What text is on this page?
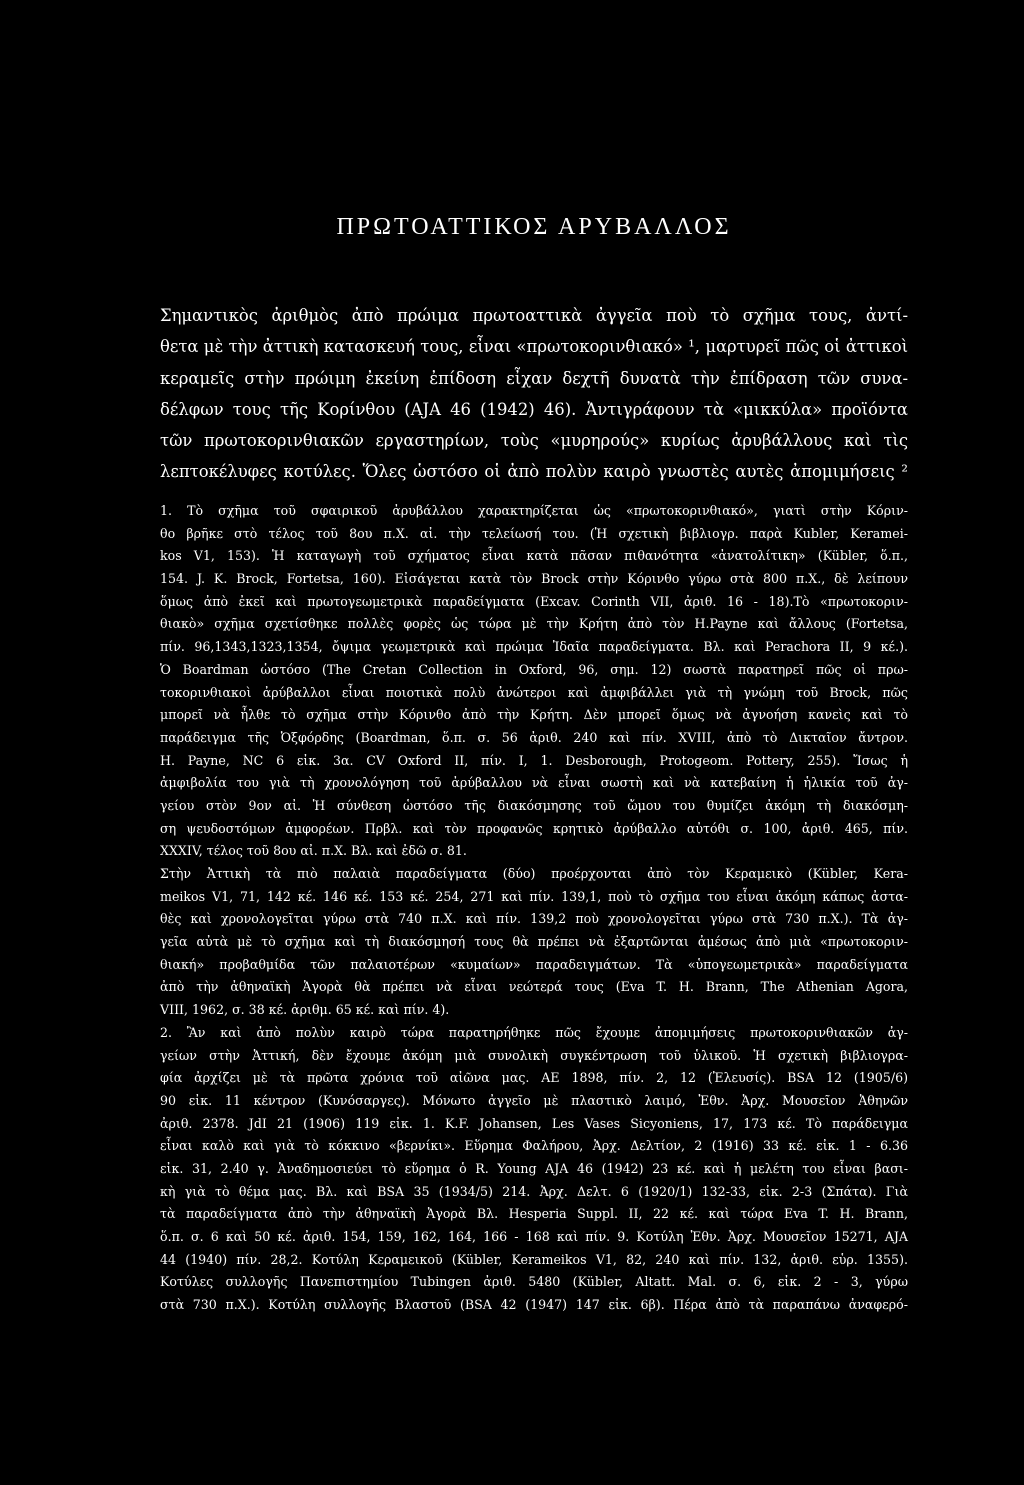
ΠΡΩΤΟΑΤΤΙΚΟΣ ΑΡΥΒΑΛΛΟΣ
Σημαντικὸς ἀριθμὸς ἀπὸ πρώιμα πρωτοαττικὰ ἀγγεῖα ποὺ τὸ σχῆμα τους, ἀντί-
θετα μὲ τὴν ἀττικὴ κατασκευή τους, εἶναι «πρωτοκορινθιακό» ¹, μαρτυρεῖ πῶς οἱ ἀττικοὶ
κεραμεῖς στὴν πρώιμη ἐκείνη ἐπίδοση εἶχαν δεχτῆ δυνατὰ τὴν ἐπίδραση τῶν συνα-
δέλφων τους τῆς Κορίνθου (AJA 46 (1942) 46). Ἀντιγράφουν τὰ «μικκύλα» προϊόντα
τῶν πρωτοκορινθιακῶν εργαστηρίων, τοὺς «μυρηρούς» κυρίως ἀρυβάλλους καὶ τὶς
λεπτοκέλυφες κοτύλες. Ὅλες ὡστόσο οἱ ἀπὸ πολὺν καιρὸ γνωστὲς αυτὲς ἀπομιμήσεις ²
1. Τὸ σχῆμα τοῦ σφαιρικοῦ ἀρυβάλλου χαρακτηρίζεται ὡς «πρωτοκορινθιακό», γιατὶ στὴν Κόριν-
θο βρῆκε στὸ τέλος τοῦ 8ου π.Χ. αἰ. τὴν τελείωσή του. (Ἡ σχετικὴ βιβλιογρ. παρὰ Kubler, Kerameі-
kos V1, 153). Ἡ καταγωγὴ τοῦ σχήματος εἶναι κατὰ πᾶσαν πιθανότητα «ἀνατολίτικη» (Kübler, ὅ.π.,
154. J. K. Brock, Fortetsa, 160). Εἰσάγεται κατὰ τὸν Brock στὴν Κόρινθο γύρω στὰ 800 π.Χ., δὲ λείπουν
ὅμως ἀπὸ ἐκεῖ καὶ πρωτογεωμετρικὰ παραδείγματα (Excav. Corinth VII, ἀριθ. 16 - 18).Τὸ «πρωτοκοριν-
θιακὸ» σχῆμα σχετίσθηκε πολλὲς φορὲς ὡς τώρα μὲ τὴν Κρήτη ἀπὸ τὸν Η.Payne καὶ ἄλλους (Fortetsa,
πίν. 96,1343,1323,1354, ὄψιμα γεωμετρικὰ καὶ πρώιμα Ἰδαῖα παραδείγματα. Βλ. καὶ Perachora II, 9 κέ.).
Ὁ Boardman ὡστόσο (The Cretan Collection in Oxford, 96, σημ. 12) σωστὰ παρατηρεῖ πῶς οἱ πρω-
τοκορινθιακοὶ ἀρύβαλλοι εἶναι ποιοτικὰ πολὺ ἀνώτεροι καὶ ἀμφιβάλλει γιὰ τὴ γνώμη τοῦ Brock, πῶς
μπορεῖ νὰ ἦλθε τὸ σχῆμα στὴν Κόρινθο ἀπὸ τὴν Κρήτη. Δὲν μπορεῖ ὅμως νὰ ἀγνοήση κανεὶς καὶ τὸ
παράδειγμα τῆς Ὀξφόρδης (Boardman, ὅ.π. σ. 56 ἀριθ. 240 καὶ πίν. XVIII, ἀπὸ τὸ Δικταῖον ἄντρον.
H. Payne, NC 6 εἰκ. 3α. CV Oxford II, πίν. I, 1. Desborough, Protogeom. Pottery, 255). Ἴσως ἡ
ἀμφιβολία του γιὰ τὴ χρονολόγηση τοῦ ἀρύβαλλου νὰ εἶναι σωστὴ καὶ νὰ κατεβαίνη ἡ ἡλικία τοῦ ἀγ-
γείου στὸν 9ον αἰ. Ἡ σύνθεση ὡστόσο τῆς διακόσμησης τοῦ ὤμου του θυμίζει ἀκόμη τὴ διακόσμη-
ση ψευδοστόμων ἀμφορέων. Πρβλ. καὶ τὸν προφανῶς κρητικὸ ἀρύβαλλο αὐτόθι σ. 100, ἀριθ. 465, πίν.
XXXIV, τέλος τοῦ 8ου αἰ. π.Χ. Βλ. καὶ ἐδῶ σ. 81.
Στὴν Ἀττικὴ τὰ πιὸ παλαιὰ παραδείγματα (δύο) προέρχονται ἀπὸ τὸν Κεραμεικὸ (Kübler, Kera-
meikos V1, 71, 142 κέ. 146 κέ. 153 κέ. 254, 271 καὶ πίν. 139,1, ποὺ τὸ σχῆμα του εἶναι ἀκόμη κάπως ἀστα-
θὲς καὶ χρονολογεῖται γύρω στὰ 740 π.Χ. καὶ πίν. 139,2 ποὺ χρονολογεῖται γύρω στὰ 730 π.Χ.). Τὰ ἀγ-
γεῖα αὐτὰ μὲ τὸ σχῆμα καὶ τὴ διακόσμησή τους θὰ πρέπει νὰ ἐξαρτῶνται ἀμέσως ἀπὸ μιὰ «πρωτοκοριν-
θιακή» προβαθμίδα τῶν παλαιοτέρων «κυμαίων» παραδειγμάτων. Τὰ «ὑπογεωμετρικὰ» παραδείγματα
ἀπὸ τὴν ἀθηναϊκὴ Ἀγορὰ θὰ πρέπει νὰ εἶναι νεώτερά τους (Eva T. H. Brann, The Athenian Agora,
VIII, 1962, σ. 38 κέ. ἀριθμ. 65 κέ. καὶ πίν. 4).
2. Ἂν καὶ ἀπὸ πολὺν καιρὸ τώρα παρατηρήθηκε πῶς ἔχουμε ἀπομιμήσεις πρωτοκορινθιακῶν ἀγ-
γείων στὴν Ἀττική, δὲν ἔχουμε ἀκόμη μιὰ συνολικὴ συγκέντρωση τοῦ ὑλικοῦ. Ἡ σχετικὴ βιβλιογρα-
φία ἀρχίζει μὲ τὰ πρῶτα χρόνια τοῦ αἰῶνα μας. AE 1898, πίν. 2, 12 (Ἐλευσίς). BSA 12 (1905/6)
90 εἰκ. 11 κέντρον (Κυνόσαργες). Μόνωτο ἀγγεῖο μὲ πλαστικὸ λαιμό, Ἐθν. Ἀρχ. Μουσεῖον Ἀθηνῶν
ἀριθ. 2378. JdI 21 (1906) 119 εἰκ. 1. K.F. Johansen, Les Vases Sicyoniens, 17, 173 κέ. Τὸ παράδειγμα
εἶναι καλὸ καὶ γιὰ τὸ κόκκινο «βερνίκι». Εὕρημα Φαλήρου, Ἀρχ. Δελτίον, 2 (1916) 33 κέ. εἰκ. 1 - 6.36
εἰκ. 31, 2.40 γ. Ἀναδημοσιεύει τὸ εὕρημα ὁ R. Young AJA 46 (1942) 23 κέ. καὶ ἡ μελέτη του εἶναι βασι-
κὴ γιὰ τὸ θέμα μας. Βλ. καὶ BSA 35 (1934/5) 214. Ἀρχ. Δελτ. 6 (1920/1) 132-33, εἰκ. 2-3 (Σπάτα). Γιὰ
τὰ παραδείγματα ἀπὸ τὴν ἀθηναϊκὴ Ἀγορὰ Βλ. Hesperia Suppl. II, 22 κέ. καὶ τώρα Eva T. H. Brann,
ὅ.π. σ. 6 καὶ 50 κέ. ἀριθ. 154, 159, 162, 164, 166 - 168 καὶ πίν. 9. Κοτύλη Ἐθν. Ἀρχ. Μουσεῖον 15271, AJA
44 (1940) πίν. 28,2. Κοτύλη Κεραμεικοῦ (Kübler, Kerameikos V1, 82, 240 καὶ πίν. 132, ἀριθ. εὑρ. 1355).
Κοτύλες συλλογῆς Πανεπιστημίου Tubingen ἀριθ. 5480 (Kübler, Altatt. Mal. σ. 6, εἰκ. 2 - 3, γύρω
στὰ 730 π.Χ.). Κοτύλη συλλογῆς Βλαστοῦ (BSA 42 (1947) 147 εἰκ. 6β). Πέρα ἀπὸ τὰ παραπάνω ἀναφερό-
